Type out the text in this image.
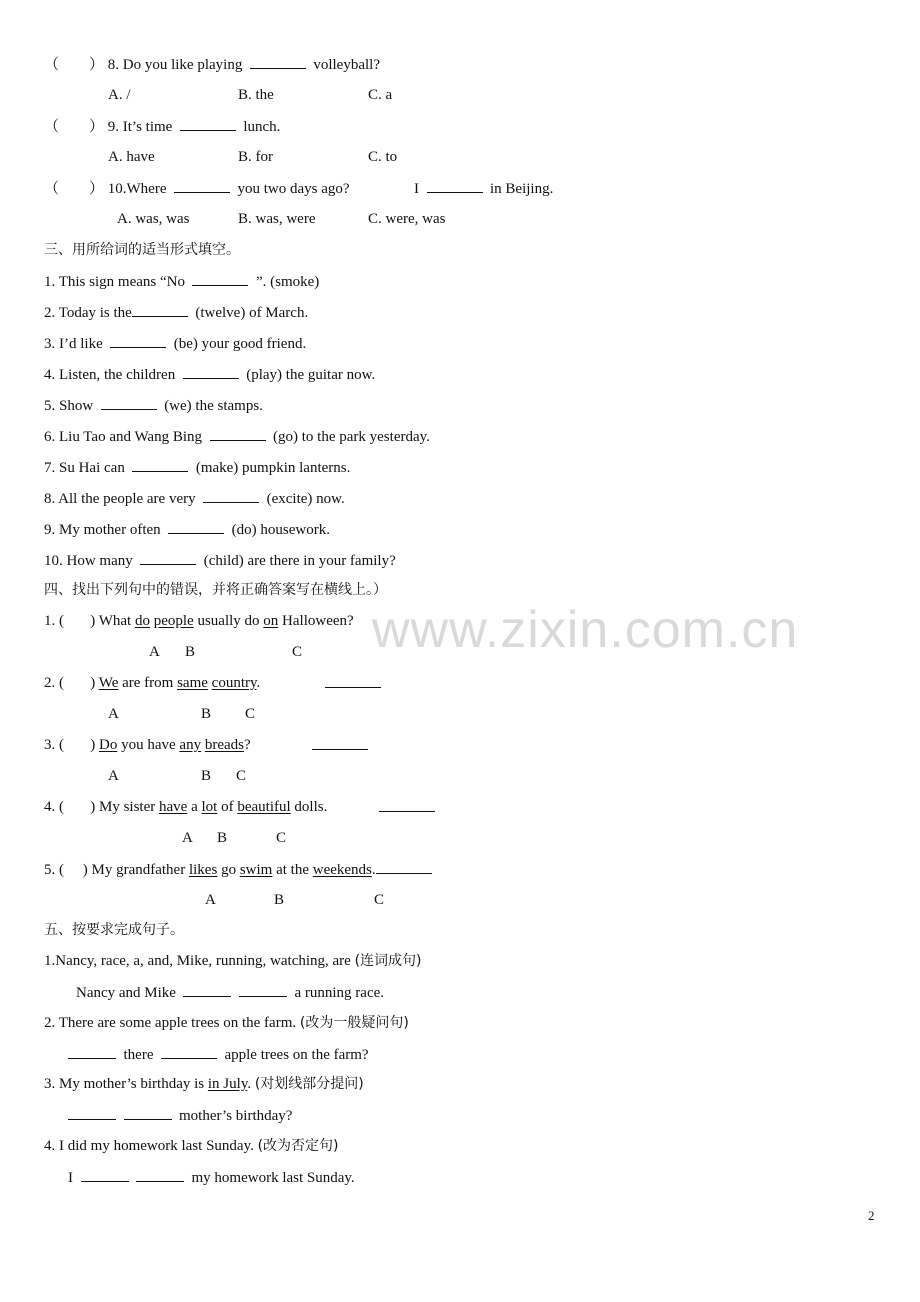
www.zixin.com.cn
（　　） 8. Do you like playing	volleyball?
A. /	B. the	C. a
（　　） 9. It’s time	lunch.
A. have	B. for	C. to
（　　） 10.Where	you two days ago?	I	in Beijing.
A. was, was	B. was, were	C. were, was
三、用所给词的适当形式填空。
1. This sign means “No	”. (smoke)
2. Today is the	(twelve) of March.
3. I’d like	(be) your good friend.
4. Listen, the children	(play) the guitar now.
5. Show	(we) the stamps.
6. Liu Tao and Wang Bing	(go) to the park yesterday.
7. Su Hai can	(make) pumpkin lanterns.
8. All the people are very	(excite) now.
9. My mother often	(do) housework.
10. How many	(child) are there in your family?
四、找出下列句中的错误，并将正确答案写在横线上。）
1. ( ) What do people usually do on Halloween?
A B	C
2. ( ) We are from same country.
A	B C
3. ( ) Do you have any breads?
A	B C
4. ( ) My sister have a lot of beautiful dolls.
A B	C
5. ( ) My grandfather likes go swim at the weekends.
A	B	C
五、按要求完成句子。
1.Nancy, race, a, and, Mike, running, watching, are (连词成句)
Nancy and Mike	a running race.
2. There are some apple trees on the farm. (改为一般疑问句)
there	apple trees on the farm?
3. My mother’s birthday is in July. (对划线部分提问)
mother’s birthday?
4. I did my homework last Sunday. (改为否定句)
I	my homework last Sunday.
2
